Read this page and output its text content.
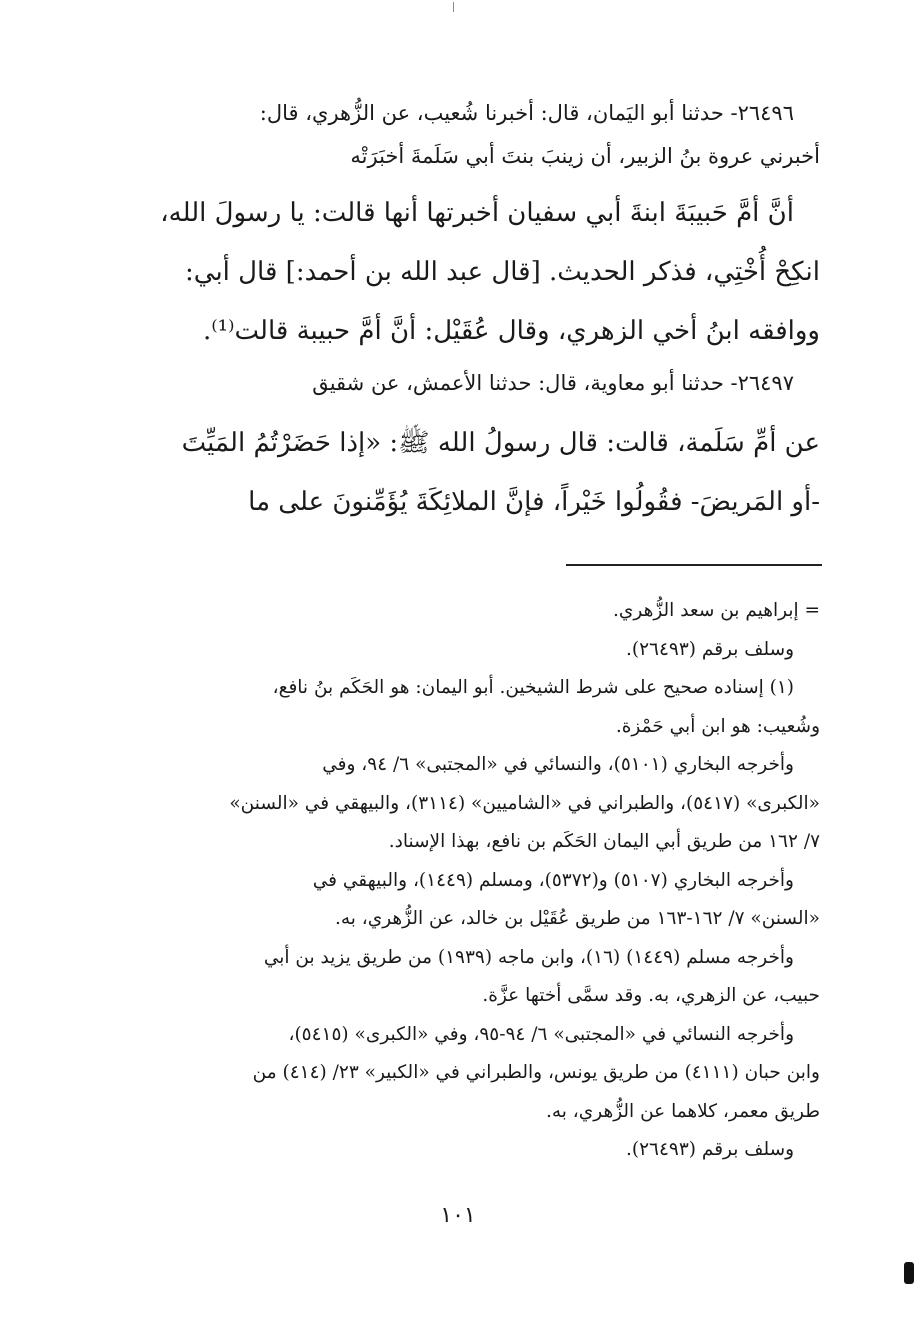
٢٦٤٩٦- حدثنا أبو اليَمان، قال: أخبرنا شُعيب، عن الزُّهري، قال:
أخبرني عروة بنُ الزبير، أن زينبَ بنتَ أبي سَلَمةَ أخبَرَتْه
أنَّ أمَّ حَبيبَةَ ابنةَ أبي سفيان أخبرتها أنها قالت: يا رسولَ الله،
انكِحْ أُخْتِي، فذكر الحديث. [قال عبد الله بن أحمد:] قال أبي:
ووافقه ابنُ أخي الزهري، وقال عُقَيْل: أنَّ أمَّ حبيبة قالت⁽¹⁾.
٢٦٤٩٧- حدثنا أبو معاوية، قال: حدثنا الأعمش، عن شقيق
عن أمِّ سَلَمة، قالت: قال رسولُ الله ﷺ: «إذا حَضَرْتُمُ المَيِّتَ
-أو المَريضَ- فقُولُوا خَيْراً، فإنَّ الملائِكَةَ يُؤَمِّنونَ على ما
= إبراهيم بن سعد الزُّهري.
وسلف برقم (٢٦٤٩٣).
(١) إسناده صحيح على شرط الشيخين. أبو اليمان: هو الحَكَم بنُ نافع،
وشُعيب: هو ابن أبي حَمْزة.
وأخرجه البخاري (٥١٠١)، والنسائي في «المجتبى» ٦/ ٩٤، وفي
«الكبرى» (٥٤١٧)، والطبراني في «الشاميين» (٣١١٤)، والبيهقي في «السنن»
٧/ ١٦٢ من طريق أبي اليمان الحَكَم بن نافع، بهذا الإسناد.
وأخرجه البخاري (٥١٠٧) و(٥٣٧٢)، ومسلم (١٤٤٩)، والبيهقي في
«السنن» ٧/ ١٦٢-١٦٣ من طريق عُقَيْل بن خالد، عن الزُّهري، به.
وأخرجه مسلم (١٤٤٩) (١٦)، وابن ماجه (١٩٣٩) من طريق يزيد بن أبي
حبيب، عن الزهري، به. وقد سمَّى أختها عزَّة.
وأخرجه النسائي في «المجتبى» ٦/ ٩٤-٩٥، وفي «الكبرى» (٥٤١٥)،
وابن حبان (٤١١١) من طريق يونس، والطبراني في «الكبير» ٢٣/ (٤١٤) من
طريق معمر، كلاهما عن الزُّهري، به.
وسلف برقم (٢٦٤٩٣).
١٠١
